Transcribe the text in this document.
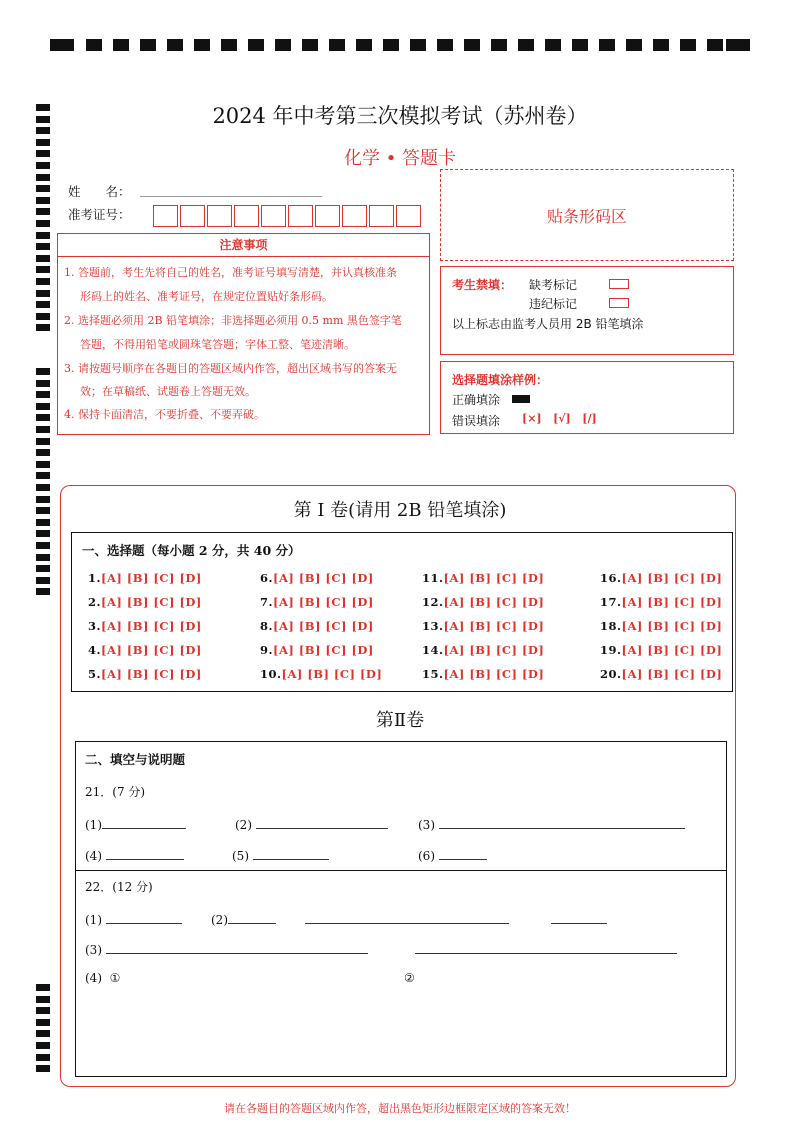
2024 年中考第三次模拟考试（苏州卷）
化学 • 答题卡
姓　　名：
准考证号：	贴条形码区
注意事项
1. 答题前，考生先将自己的姓名，准考证号填写清楚，并认真核准条
形码上的姓名、准考证号，在规定位置贴好条形码。
2. 选择题必须用 2B 铅笔填涂；非选择题必须用 0.5 mm 黑色签字笔
答题，不得用铅笔或圆珠笔答题；字体工整、笔迹清晰。
3. 请按题号顺序在各题目的答题区域内作答，超出区域书写的答案无
效；在草稿纸、试题卷上答题无效。
4. 保持卡面清洁，不要折叠、不要弄破。
考生禁填： 缺考标记
违纪标记
以上标志由监考人员用 2B 铅笔填涂
选择题填涂样例：
正确填涂
错误填涂 [×]   [√]   [/]
第 I 卷(请用 2B 铅笔填涂)
一、选择题（每小题 2 分，共 40 分）
1.[A] [B] [C] [D]
2.[A] [B] [C] [D]
3.[A] [B] [C] [D]
4.[A] [B] [C] [D]
5.[A] [B] [C] [D]
6.[A] [B] [C] [D]
7.[A] [B] [C] [D]
8.[A] [B] [C] [D]
9.[A] [B] [C] [D]
10.[A] [B] [C] [D]
11.[A] [B] [C] [D]
12.[A] [B] [C] [D]
13.[A] [B] [C] [D]
14.[A] [B] [C] [D]
15.[A] [B] [C] [D]
16.[A] [B] [C] [D]
17.[A] [B] [C] [D]
18.[A] [B] [C] [D]
19.[A] [B] [C] [D]
20.[A] [B] [C] [D]
第Ⅱ卷
二、填空与说明题
21．(7 分)
(1)	(2)	(3)
(4)	(5)	(6)
22．(12 分)
(1)	(2)
(3)
(4) ①	②
请在各题目的答题区域内作答，超出黑色矩形边框限定区域的答案无效！
